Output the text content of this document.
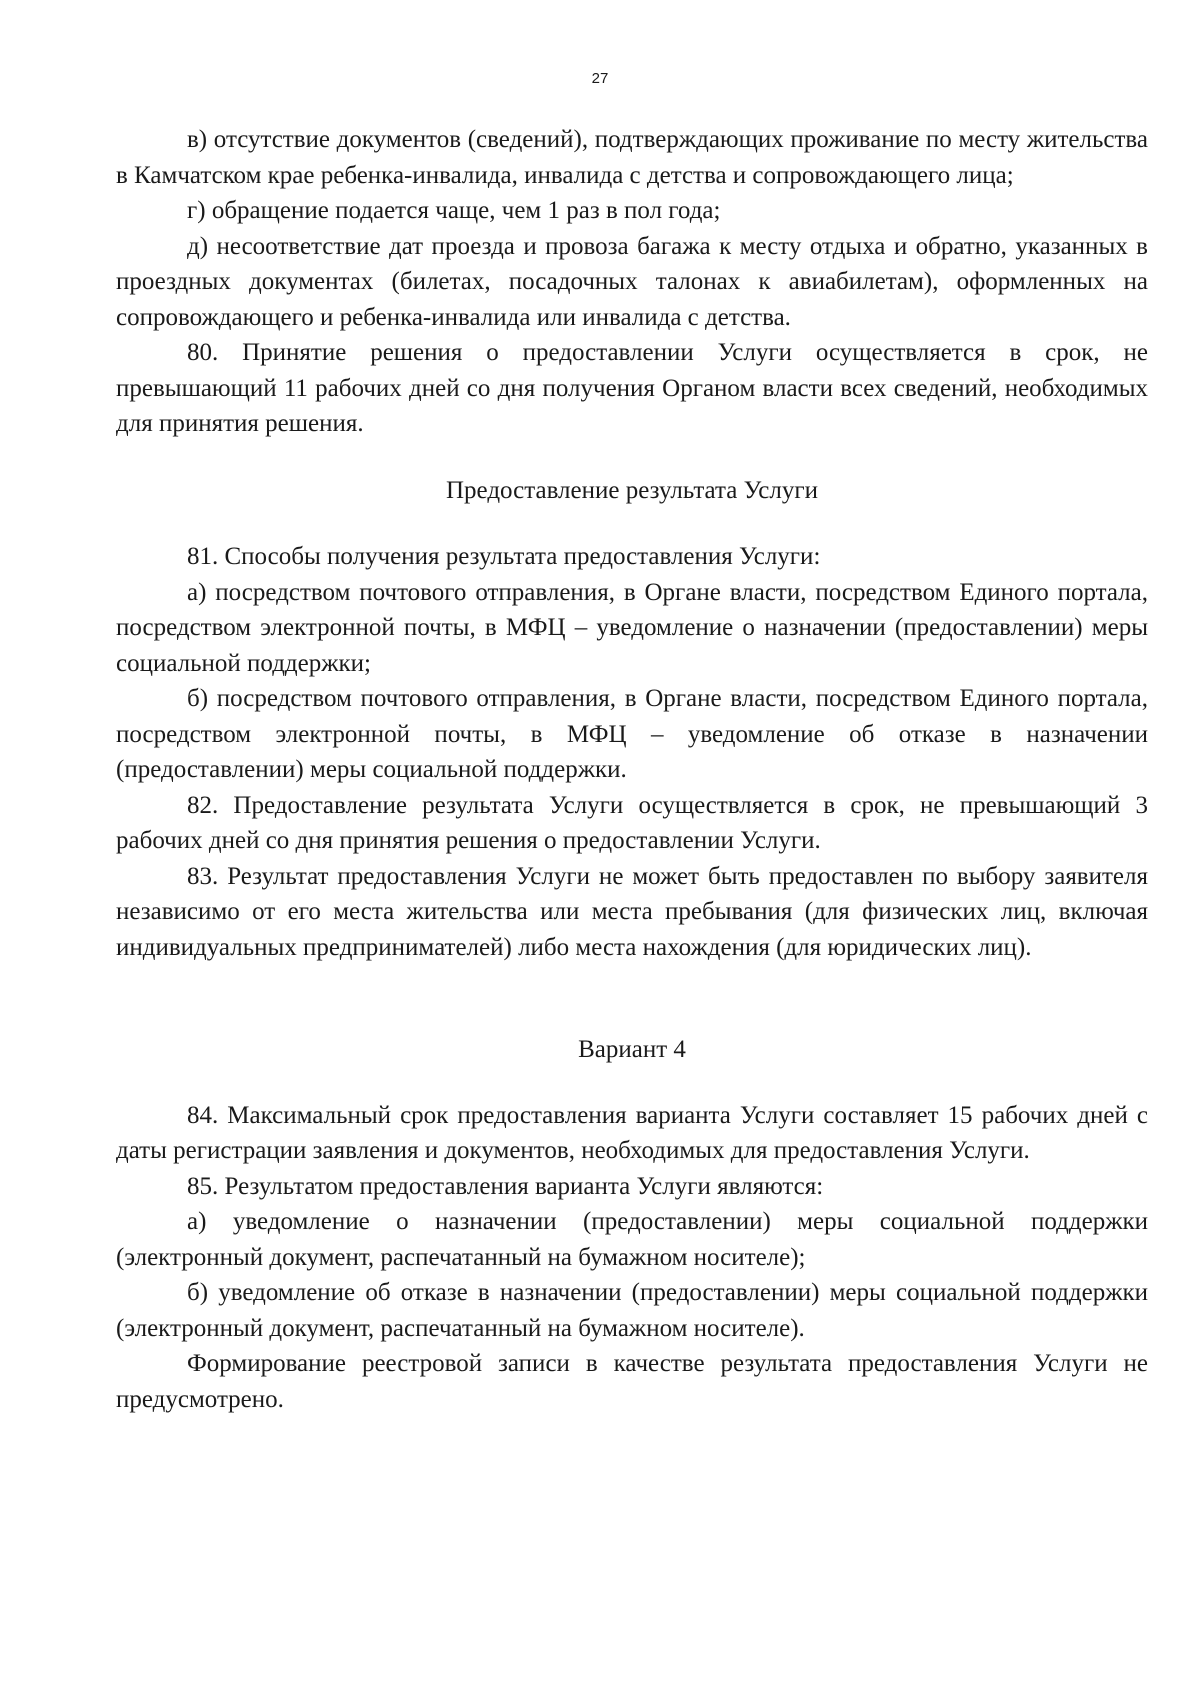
27

в) отсутствие документов (сведений), подтверждающих проживание по месту жительства в Камчатском крае ребенка-инвалида, инвалида с детства и сопровождающего лица;

г) обращение подается чаще, чем 1 раз в пол года;

д) несоответствие дат проезда и провоза багажа к месту отдыха и обратно, указанных в проездных документах (билетах, посадочных талонах к авиабилетам), оформленных на сопровождающего и ребенка-инвалида или инвалида с детства.

80. Принятие решения о предоставлении Услуги осуществляется в срок, не превышающий 11 рабочих дней со дня получения Органом власти всех сведений, необходимых для принятия решения.

Предоставление результата Услуги

81. Способы получения результата предоставления Услуги:

а) посредством почтового отправления, в Органе власти, посредством Единого портала, посредством электронной почты, в МФЦ – уведомление о назначении (предоставлении) меры социальной поддержки;

б) посредством почтового отправления, в Органе власти, посредством Единого портала, посредством электронной почты, в МФЦ – уведомление об отказе в назначении (предоставлении) меры социальной поддержки.

82. Предоставление результата Услуги осуществляется в срок, не превышающий 3 рабочих дней со дня принятия решения о предоставлении Услуги.

83. Результат предоставления Услуги не может быть предоставлен по выбору заявителя независимо от его места жительства или места пребывания (для физических лиц, включая индивидуальных предпринимателей) либо места нахождения (для юридических лиц).

Вариант 4

84. Максимальный срок предоставления варианта Услуги составляет 15 рабочих дней с даты регистрации заявления и документов, необходимых для предоставления Услуги.

85. Результатом предоставления варианта Услуги являются:

а) уведомление о назначении (предоставлении) меры социальной поддержки (электронный документ, распечатанный на бумажном носителе);

б) уведомление об отказе в назначении (предоставлении) меры социальной поддержки (электронный документ, распечатанный на бумажном носителе).

Формирование реестровой записи в качестве результата предоставления Услуги не предусмотрено.
